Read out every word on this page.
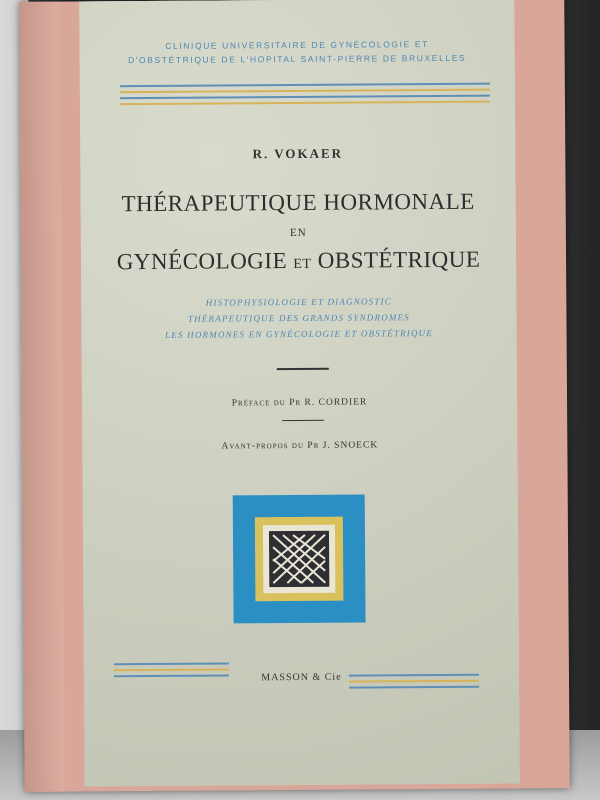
CLINIQUE UNIVERSITAIRE DE GYNÉCOLOGIE ET
D'OBSTÉTRIQUE DE L'HOPITAL SAINT-PIERRE DE BRUXELLES
R. VOKAER
THÉRAPEUTIQUE HORMONALE
EN
GYNÉCOLOGIE ET OBSTÉTRIQUE
HISTOPHYSIOLOGIE ET DIAGNOSTIC
THÉRAPEUTIQUE DES GRANDS SYNDROMES
LES HORMONES EN GYNÉCOLOGIE ET OBSTÉTRIQUE
Préface du Pr R. CORDIER
Avant-propos du Pr J. SNOECK
MASSON & Cie
